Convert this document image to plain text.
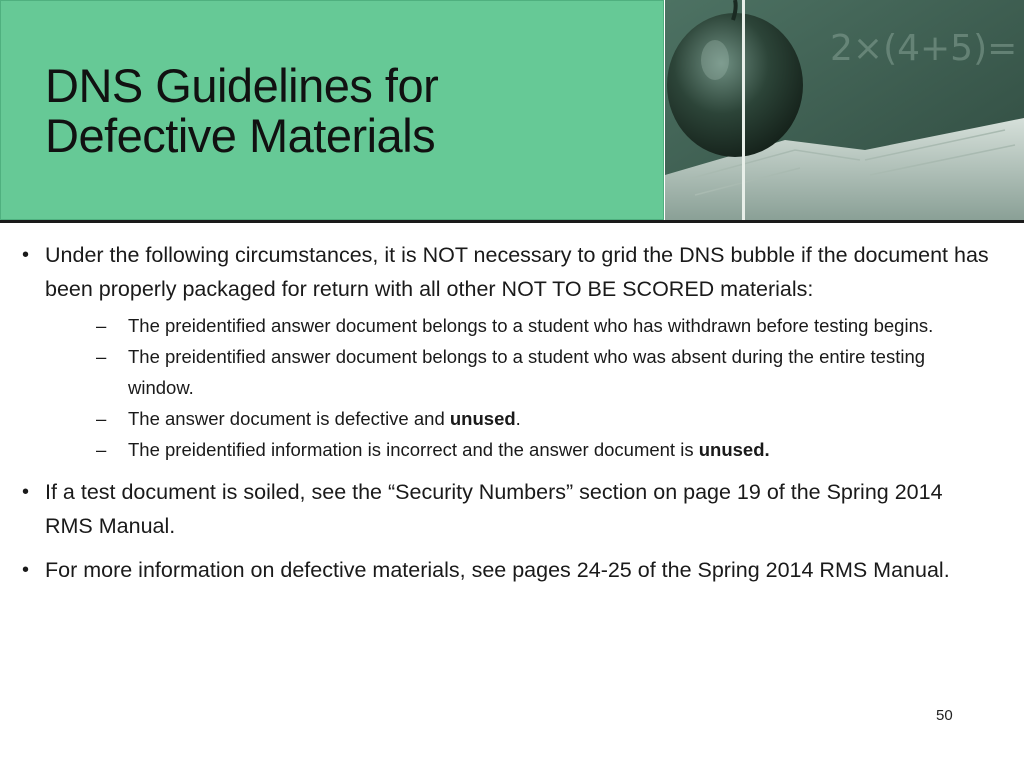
DNS Guidelines for
Defective Materials
2×(4+5)=
• Under the following circumstances, it is NOT necessary to grid the DNS bubble if the document has been properly packaged for return with all other NOT TO BE SCORED materials:
– The preidentified answer document belongs to a student who has withdrawn before testing begins.
– The preidentified answer document belongs to a student who was absent during the entire testing window.
– The answer document is defective and unused.
– The preidentified information is incorrect and the answer document is unused.
• If a test document is soiled, see the “Security Numbers” section on page 19 of the Spring 2014 RMS Manual.
• For more information on defective materials, see pages 24-25 of the Spring 2014 RMS Manual.
50
